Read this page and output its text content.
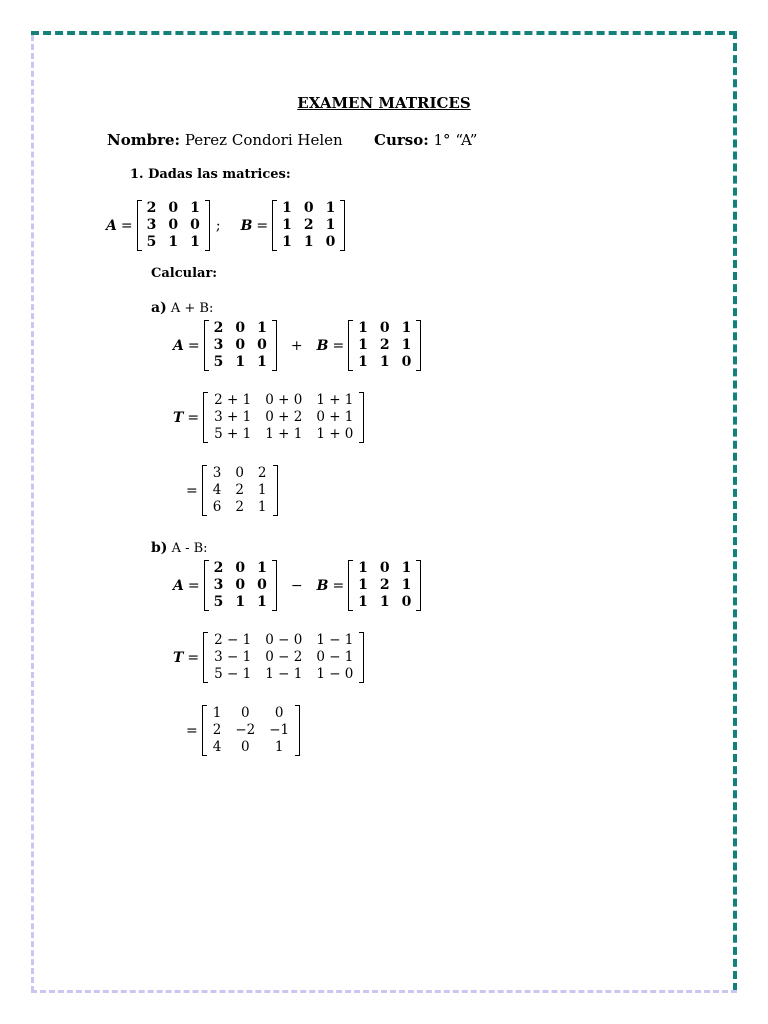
EXAMEN MATRICES
Nombre: Perez Condori Helen Curso: 1° “A”
1. Dadas las matrices:
A =
2	0	1
3	0	0
5	1	1
; B =
1	0	1
1	2	1
1	1	0
Calcular:
a) A + B:
A =
2	0	1
3	0	0
5	1	1
+ B =
1	0	1
1	2	1
1	1	0
T =
2 + 1	0 + 0	1 + 1
3 + 1	0 + 2	0 + 1
5 + 1	1 + 1	1 + 0
=
3	0	2
4	2	1
6	2	1
b) A - B:
A =
2	0	1
3	0	0
5	1	1
− B =
1	0	1
1	2	1
1	1	0
T =
2 − 1	0 − 0	1 − 1
3 − 1	0 − 2	0 − 1
5 − 1	1 − 1	1 − 0
=
1	0	0
2	−2	−1
4	0	1
